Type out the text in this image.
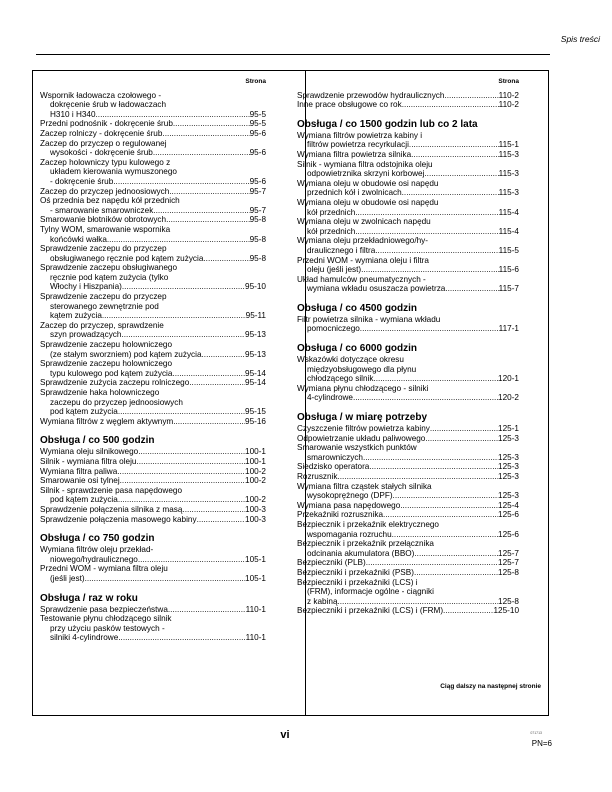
Spis treści
Strona
Wspornik ładowacza czołowego -
dokręcenie śrub w ładowaczach
H310 i H340 .....	95-5
Przedni podnośnik - dokręcenie śrub .....	95-5
Zaczep rolniczy - dokręcenie śrub .....	95-6
Zaczep do przyczep o regulowanej
wysokości - dokręcenie śrub .....	95-6
Zaczep holowniczy typu kulowego z
układem kierowania wymuszonego
- dokręcenie śrub .....	95-6
Zaczep do przyczep jednoosiowych .....	95-7
Oś przednia bez napędu kół przednich
- smarowanie smarowniczek .....	95-7
Smarowanie błotników obrotowych .....	95-8
Tylny WOM, smarowanie wspornika
końcówki wałka .....	95-8
Sprawdzenie zaczepu do przyczep
obsługiwanego ręcznie pod kątem zużycia .....	95-8
Sprawdzenie zaczepu obsługiwanego
ręcznie pod kątem zużycia (tylko
Włochy i Hiszpania) .....	95-10
Sprawdzenie zaczepu do przyczep
sterowanego zewnętrznie pod
kątem zużycia .....	95-11
Zaczep do przyczep, sprawdzenie
szyn prowadzących .....	95-13
Sprawdzenie zaczepu holowniczego
(ze stałym sworzniem) pod kątem zużycia .....	95-13
Sprawdzenie zaczepu holowniczego
typu kulowego pod kątem zużycia .....	95-14
Sprawdzenie zużycia zaczepu rolniczego .....	95-14
Sprawdzenie haka holowniczego
zaczepu do przyczep jednoosiowych
pod kątem zużycia .....	95-15
Wymiana filtrów z węglem aktywnym .....	95-16
Obsługa / co 500 godzin
Wymiana oleju silnikowego .....	100-1
Silnik - wymiana filtra oleju .....	100-1
Wymiana filtra paliwa .....	100-2
Smarowanie osi tylnej .....	100-2
Silnik - sprawdzenie pasa napędowego
pod kątem zużycia .....	100-2
Sprawdzenie połączenia silnika z masą .....	100-3
Sprawdzenie połączenia masowego kabiny .....	100-3
Obsługa / co 750 godzin
Wymiana filtrów oleju przekład-
niowego/hydraulicznego .....	105-1
Przedni WOM - wymiana filtra oleju
(jeśli jest) .....	105-1
Obsługa / raz w roku
Sprawdzenie pasa bezpieczeństwa .....	110-1
Testowanie płynu chłodzącego silnik
przy użyciu pasków testowych -
silniki 4-cylindrowe .....	110-1
Strona
Sprawdzenie przewodów hydraulicznych .....	110-2
Inne prace obsługowe co rok .....	110-2
Obsługa / co 1500 godzin lub co 2 lata
Wymiana filtrów powietrza kabiny i
filtrów powietrza recyrkulacji .....	115-1
Wymiana filtra powietrza silnika .....	115-3
Silnik - wymiana filtra odstojnika oleju
odpowietrznika skrzyni korbowej .....	115-3
Wymiana oleju w obudowie osi napędu
przednich kół i zwolnicach .....	115-3
Wymiana oleju w obudowie osi napędu
kół przednich .....	115-4
Wymiana oleju w zwolnicach napędu
kół przednich .....	115-4
Wymiana oleju przekładniowego/hy-
draulicznego i filtra .....	115-5
Przedni WOM - wymiana oleju i filtra
oleju (jeśli jest) .....	115-6
Układ hamulców pneumatycznych -
wymiana wkładu osuszacza powietrza .....	115-7
Obsługa / co 4500 godzin
Filtr powietrza silnika - wymiana wkładu
pomocniczego .....	117-1
Obsługa / co 6000 godzin
Wskazówki dotyczące okresu
międzyobsługowego dla płynu
chłodzącego silnik .....	120-1
Wymiana płynu chłodzącego - silniki
4-cylindrowe .....	120-2
Obsługa / w miarę potrzeby
Czyszczenie filtrów powietrza kabiny .....	125-1
Odpowietrzanie układu paliwowego .....	125-3
Smarowanie wszystkich punktów
smarowniczych .....	125-3
Siedzisko operatora .....	125-3
Rozrusznik .....	125-3
Wymiana filtra cząstek stałych silnika
wysokoprężnego (DPF) .....	125-3
Wymiana pasa napędowego .....	125-4
Przekaźniki rozrusznika .....	125-6
Bezpiecznik i przekaźnik elektrycznego
wspomagania rozruchu .....	125-6
Bezpiecznik i przekaźnik przełącznika
odcinania akumulatora (BBO) .....	125-7
Bezpieczniki (PLB) .....	125-7
Bezpieczniki i przekaźniki (PSB) .....	125-8
Bezpieczniki i przekaźniki (LCS) i
(FRM), informacje ogólne - ciągniki
z kabiną .....	125-8
Bezpieczniki i przekaźniki (LCS) i (FRM) .....	125-10
Ciąg dalszy na następnej stronie
vi	071713
PN=6
